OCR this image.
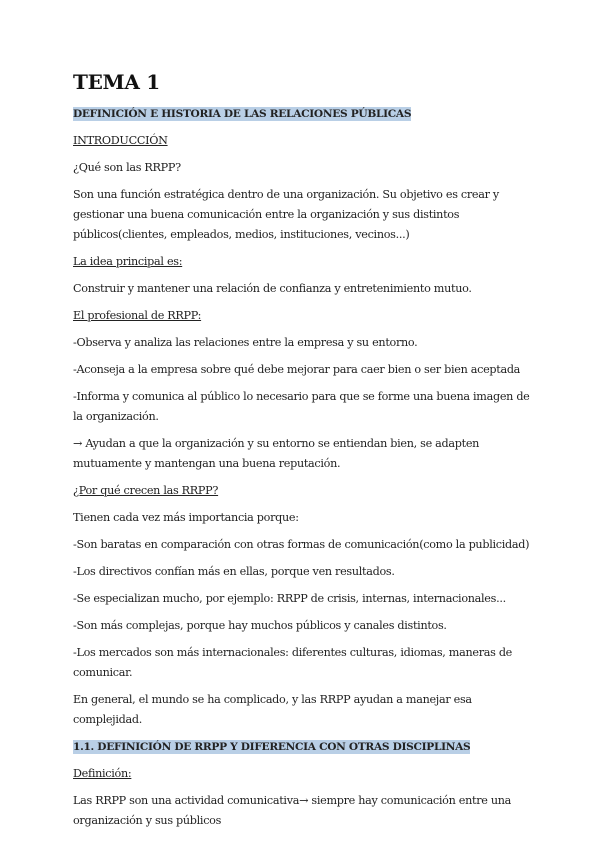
TEMA 1

DEFINICIÓN E HISTORIA DE LAS RELACIONES PÚBLICAS

INTRODUCCIÓN

¿Qué son las RRPP?

Son una función estratégica dentro de una organización. Su objetivo es crear y gestionar una buena comunicación entre la organización y sus distintos públicos(clientes, empleados, medios, instituciones, vecinos...)

La idea principal es:

Construir y mantener una relación de confianza y entretenimiento mutuo.

El profesional de RRPP:

-Observa y analiza las relaciones entre la empresa y su entorno.

-Aconseja a la empresa sobre qué debe mejorar para caer bien o ser bien aceptada

-Informa y comunica al público lo necesario para que se forme una buena imagen de la organización.

→ Ayudan a que la organización y su entorno se entiendan bien, se adapten mutuamente y mantengan una buena reputación.

¿Por qué crecen las RRPP?

Tienen cada vez más importancia porque:

-Son baratas en comparación con otras formas de comunicación(como la publicidad)

-Los directivos confían más en ellas, porque ven resultados.

-Se especializan mucho, por ejemplo: RRPP de crisis, internas, internacionales...

-Son más complejas, porque hay muchos públicos y canales distintos.

-Los mercados son más internacionales: diferentes culturas, idiomas, maneras de comunicar.

En general, el mundo se ha complicado, y las RRPP ayudan a manejar esa complejidad.

1.1. DEFINICIÓN DE RRPP Y DIFERENCIA CON OTRAS DISCIPLINAS

Definición:

Las RRPP son una actividad comunicativa→ siempre hay comunicación entre una organización y sus públicos
